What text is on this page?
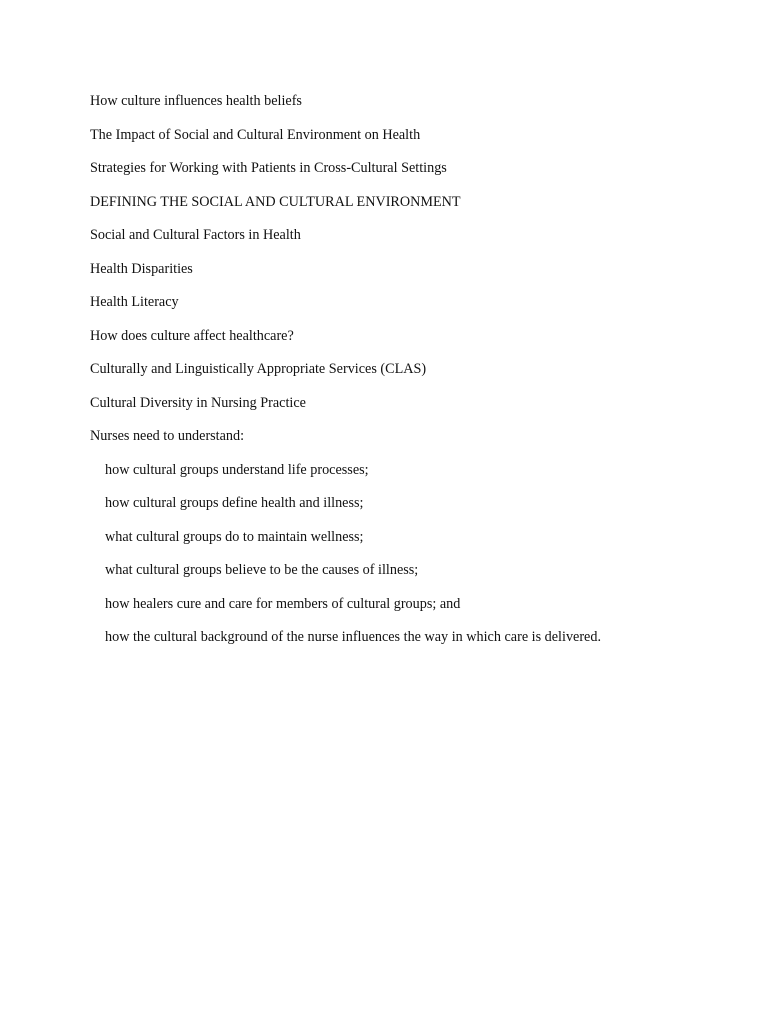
How culture influences health beliefs
The Impact of Social and Cultural Environment on Health
Strategies for Working with Patients in Cross-Cultural Settings
DEFINING THE SOCIAL AND CULTURAL ENVIRONMENT
Social and Cultural Factors in Health
Health Disparities
Health Literacy
How does culture affect healthcare?
Culturally and Linguistically Appropriate Services (CLAS)
Cultural Diversity in Nursing Practice
Nurses need to understand:
how cultural groups understand life processes;
how cultural groups define health and illness;
what cultural groups do to maintain wellness;
what cultural groups believe to be the causes of illness;
how healers cure and care for members of cultural groups; and
how the cultural background of the nurse influences the way in which care is delivered.
